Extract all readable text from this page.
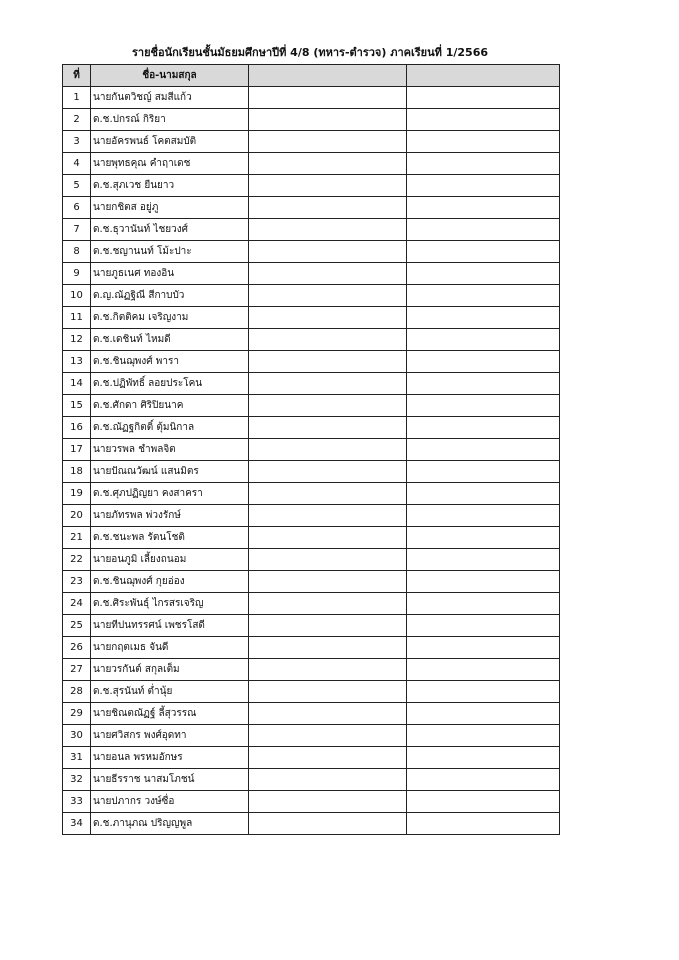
รายชื่อนักเรียนชั้นมัธยมศึกษาปีที่ 4/8 (ทหาร-ตำรวจ) ภาคเรียนที่ 1/2566
ที่	ชื่อ-นามสกุล		
1	นายกันตวิชญ์ สมสีแก้ว		
2	ด.ช.ปกรณ์ กิริยา		
3	นายอัครพนธ์ โคตสมบัติ		
4	นายพุทธคุณ คำฤาเดช		
5	ด.ช.สุภเวช ยืนยาว		
6	นายกชิตส อยู่ภู		
7	ด.ช.ธุวานันท์ ไชยวงศ์		
8	ด.ช.ชญานนท์ โม้ะปาะ		
9	นายภูธเนศ ทองอิน		
10	ด.ญ.ณัฏฐิณี สีกาบบัว		
11	ด.ช.กิตติคม เจริญงาม		
12	ด.ช.เดชินท์ ไหมดี		
13	ด.ช.ชินฌุพงศ์ พารา		
14	ด.ช.ปฏิพัทธิ์ ลอยประโคน		
15	ด.ช.ศักดา ศิริปิยนาค		
16	ด.ช.ณัฏฐกิตติ์ ตุ้มนิกาล		
17	นายวรพล ชำพลจิต		
18	นายปัณณวัฒน์ แสนมิตร		
19	ด.ช.ศุภปฏิญยา คงสาครา		
20	นายภัทรพล พ่วงรักษ์		
21	ด.ช.ชนะพล รัตนโชติ		
22	นายอนภูมิ เลี้ยงถนอม		
23	ด.ช.ชินฌุพงศ์ กุยอ่อง		
24	ด.ช.ศิระพันธุ์ ไกรสรเจริญ		
25	นายทีปนทรรศน์ เพชรโสดี		
26	นายกฤตเมธ จันดี		
27	นายวรกันต์ สกุลเต็ม		
28	ด.ช.สุรนันท์ ต่ำนุ้ย		
29	นายชิณตณัฏฐ์ ลี้สุวรรณ		
30	นายศวิสกร พงศ์อุดทา		
31	นายอนล พรหมอักษร		
32	นายธีรราช นาสมโภชน์		
33	นายปภากร วงษ์ซื่อ		
34	ด.ช.ภานุภณ ปริญญพูล		
